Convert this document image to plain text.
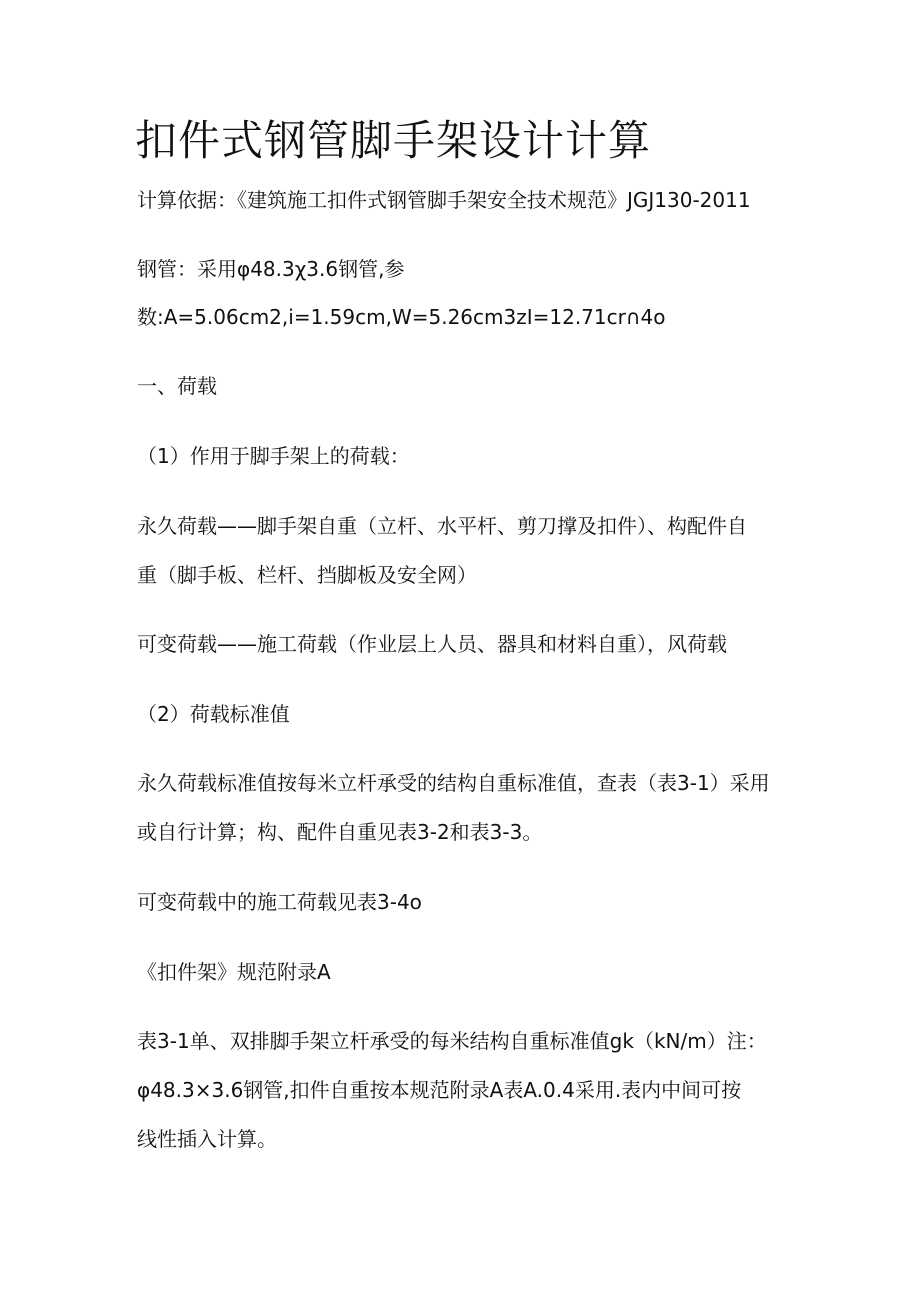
扣件式钢管脚手架设计计算

计算依据：《建筑施工扣件式钢管脚手架安全技术规范》JGJ130-2011

钢管：采用φ48.3χ3.6钢管,参

数:A=5.06cm2,i=1.59cm,W=5.26cm3zI=12.71cr∩4o

一、荷载

（1）作用于脚手架上的荷载：

永久荷载——脚手架自重（立杆、水平杆、剪刀撑及扣件）、构配件自

重（脚手板、栏杆、挡脚板及安全网）

可变荷载——施工荷载（作业层上人员、器具和材料自重），风荷载

（2）荷载标准值

永久荷载标准值按每米立杆承受的结构自重标准值，查表（表3-1）采用

或自行计算；构、配件自重见表3-2和表3-3。

可变荷载中的施工荷载见表3-4o

《扣件架》规范附录A

表3-1单、双排脚手架立杆承受的每米结构自重标准值gk（kN/m）注：

φ48.3×3.6钢管,扣件自重按本规范附录A表A.0.4采用.表内中间可按

线性插入计算。
